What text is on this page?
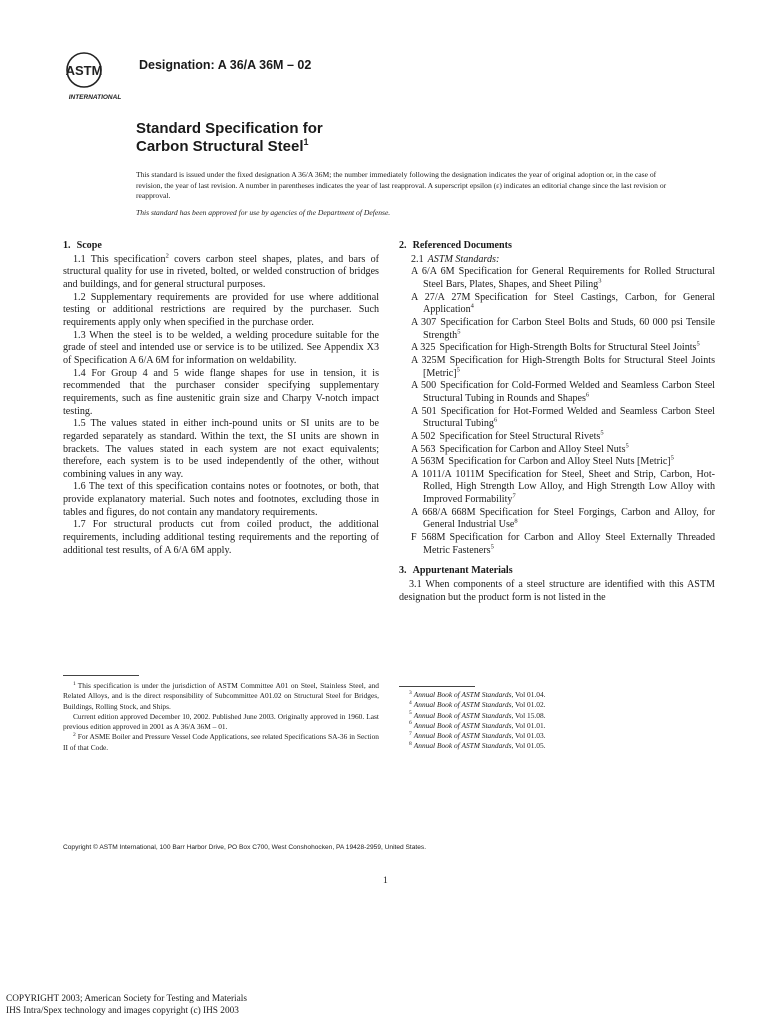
ASTM
INTERNATIONAL
Designation: A 36/A 36M – 02
Standard Specification for
Carbon Structural Steel$^1$
This standard is issued under the fixed designation A 36/A 36M; the number immediately following the designation indicates the year of original adoption or, in the case of revision, the year of last revision. A number in parentheses indicates the year of last reapproval. A superscript epsilon (ε) indicates an editorial change since the last revision or reapproval.
This standard has been approved for use by agencies of the Department of Defense.
1. Scope

1.1 This specification$^2$ covers carbon steel shapes, plates, and bars of structural quality for use in riveted, bolted, or welded construction of bridges and buildings, and for general structural purposes.

1.2 Supplementary requirements are provided for use where additional testing or additional restrictions are required by the purchaser. Such requirements apply only when specified in the purchase order.

1.3 When the steel is to be welded, a welding procedure suitable for the grade of steel and intended use or service is to be utilized. See Appendix X3 of Specification A 6/A 6M for information on weldability.

1.4 For Group 4 and 5 wide flange shapes for use in tension, it is recommended that the purchaser consider specifying supplementary requirements, such as fine austenitic grain size and Charpy V-notch impact testing.

1.5 The values stated in either inch-pound units or SI units are to be regarded separately as standard. Within the text, the SI units are shown in brackets. The values stated in each system are not exact equivalents; therefore, each system is to be used independently of the other, without combining values in any way.

1.6 The text of this specification contains notes or footnotes, or both, that provide explanatory material. Such notes and footnotes, excluding those in tables and figures, do not contain any mandatory requirements.

1.7 For structural products cut from coiled product, the additional requirements, including additional testing requirements and the reporting of additional test results, of A 6/A 6M apply.

2. Referenced Documents
2.1 ASTM Standards:
A 6/A 6M Specification for General Requirements for Rolled Structural Steel Bars, Plates, Shapes, and Sheet Piling$^3$
A 27/A 27M Specification for Steel Castings, Carbon, for General Application$^4$
A 307 Specification for Carbon Steel Bolts and Studs, 60 000 psi Tensile Strength$^5$
A 325 Specification for High-Strength Bolts for Structural Steel Joints$^5$
A 325M Specification for High-Strength Bolts for Structural Steel Joints [Metric]$^5$
A 500 Specification for Cold-Formed Welded and Seamless Carbon Steel Structural Tubing in Rounds and Shapes$^6$
A 501 Specification for Hot-Formed Welded and Seamless Carbon Steel Structural Tubing$^6$
A 502 Specification for Steel Structural Rivets$^5$
A 563 Specification for Carbon and Alloy Steel Nuts$^5$
A 563M Specification for Carbon and Alloy Steel Nuts [Metric]$^5$
A 1011/A 1011M Specification for Steel, Sheet and Strip, Carbon, Hot-Rolled, High Strength Low Alloy, and High Strength Low Alloy with Improved Formability$^7$
A 668/A 668M Specification for Steel Forgings, Carbon and Alloy, for General Industrial Use$^8$
F 568M Specification for Carbon and Alloy Steel Externally Threaded Metric Fasteners$^5$
3. Appurtenant Materials

3.1 When components of a steel structure are identified with this ASTM designation but the product form is not listed in the

$^1$ This specification is under the jurisdiction of ASTM Committee A01 on Steel, Stainless Steel, and Related Alloys, and is the direct responsibility of Subcommittee A01.02 on Structural Steel for Bridges, Buildings, Rolling Stock, and Ships.

Current edition approved December 10, 2002. Published June 2003. Originally approved in 1960. Last previous edition approved in 2001 as A 36/A 36M – 01.

$^2$ For ASME Boiler and Pressure Vessel Code Applications, see related Specifications SA-36 in Section II of that Code.

$^3$ Annual Book of ASTM Standards, Vol 01.04.

$^4$ Annual Book of ASTM Standards, Vol 01.02.

$^5$ Annual Book of ASTM Standards, Vol 15.08.

$^6$ Annual Book of ASTM Standards, Vol 01.01.

$^7$ Annual Book of ASTM Standards, Vol 01.03.

$^8$ Annual Book of ASTM Standards, Vol 01.05.

Copyright © ASTM International, 100 Barr Harbor Drive, PO Box C700, West Conshohocken, PA 19428-2959, United States.
1
COPYRIGHT 2003; American Society for Testing and Materials
IHS Intra/Spex technology and images copyright (c) IHS 2003
